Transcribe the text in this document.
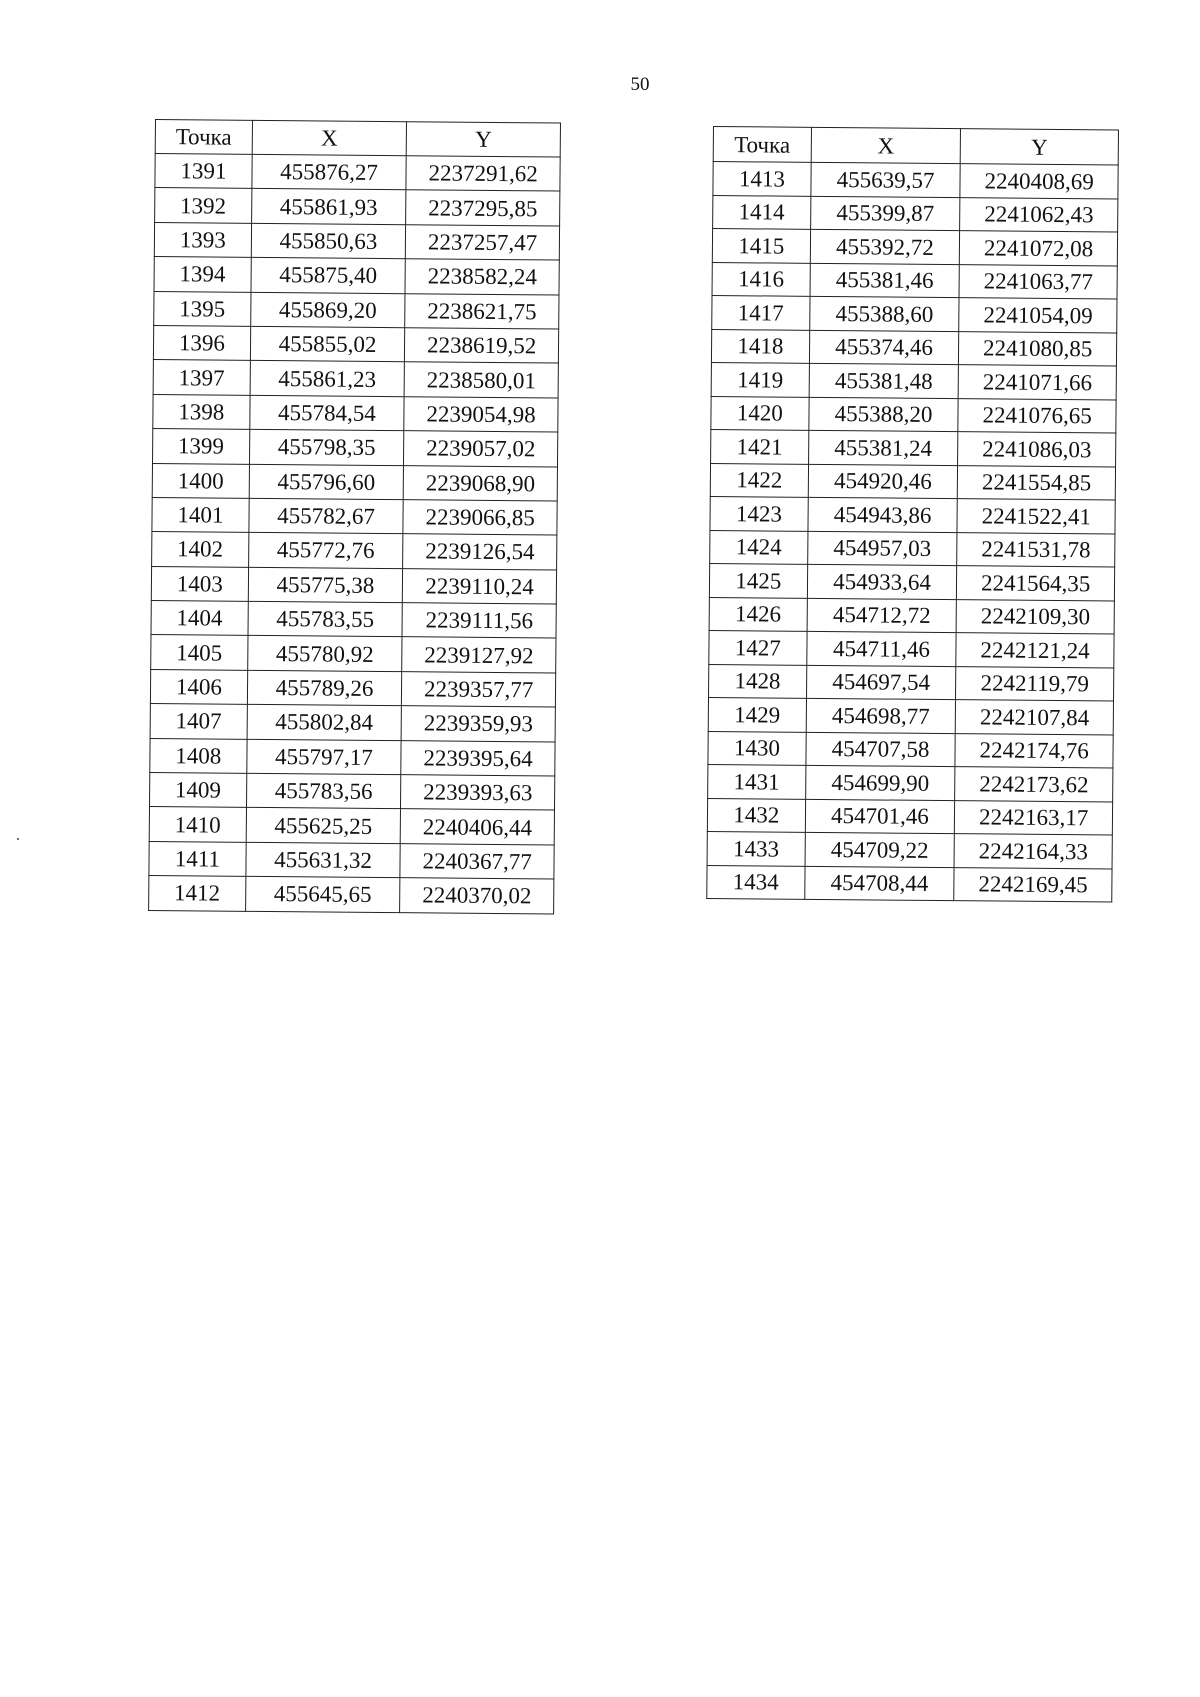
50
Точка	X	Y
1391	455876,27	2237291,62
1392	455861,93	2237295,85
1393	455850,63	2237257,47
1394	455875,40	2238582,24
1395	455869,20	2238621,75
1396	455855,02	2238619,52
1397	455861,23	2238580,01
1398	455784,54	2239054,98
1399	455798,35	2239057,02
1400	455796,60	2239068,90
1401	455782,67	2239066,85
1402	455772,76	2239126,54
1403	455775,38	2239110,24
1404	455783,55	2239111,56
1405	455780,92	2239127,92
1406	455789,26	2239357,77
1407	455802,84	2239359,93
1408	455797,17	2239395,64
1409	455783,56	2239393,63
1410	455625,25	2240406,44
1411	455631,32	2240367,77
1412	455645,65	2240370,02
Точка	X	Y
1413	455639,57	2240408,69
1414	455399,87	2241062,43
1415	455392,72	2241072,08
1416	455381,46	2241063,77
1417	455388,60	2241054,09
1418	455374,46	2241080,85
1419	455381,48	2241071,66
1420	455388,20	2241076,65
1421	455381,24	2241086,03
1422	454920,46	2241554,85
1423	454943,86	2241522,41
1424	454957,03	2241531,78
1425	454933,64	2241564,35
1426	454712,72	2242109,30
1427	454711,46	2242121,24
1428	454697,54	2242119,79
1429	454698,77	2242107,84
1430	454707,58	2242174,76
1431	454699,90	2242173,62
1432	454701,46	2242163,17
1433	454709,22	2242164,33
1434	454708,44	2242169,45
